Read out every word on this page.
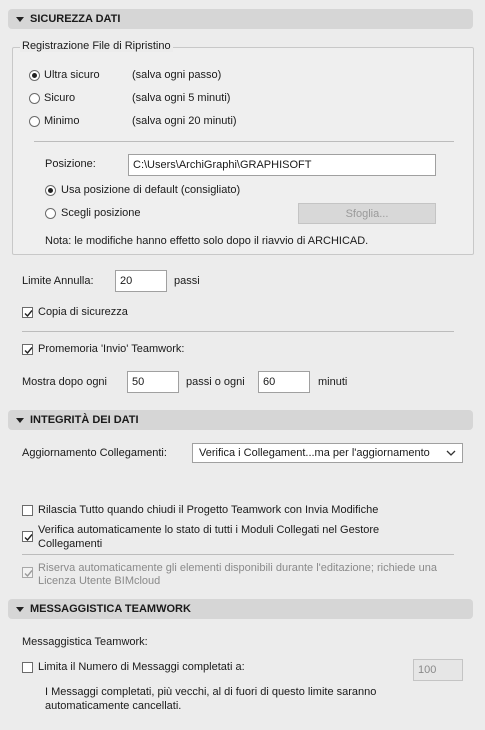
SICUREZZA DATI
Registrazione File di Ripristino
Ultra sicuro	(salva ogni passo)
Sicuro	(salva ogni 5 minuti)
Minimo	(salva ogni 20 minuti)
Posizione:	C:\Users\ArchiGraphi\GRAPHISOFT
Usa posizione di default (consigliato)
Scegli posizione	Sfoglia...
Nota: le modifiche hanno effetto solo dopo il riavvio di ARCHICAD.
Limite Annulla:	20	passi
Copia di sicurezza
Promemoria 'Invio' Teamwork:
Mostra dopo ogni	50	passi o ogni	60	minuti
INTEGRITÀ DEI DATI
Aggiornamento Collegamenti:	Verifica i Collegament...ma per l'aggiornamento
Rilascia Tutto quando chiudi il Progetto Teamwork con Invia Modifiche
Verifica automaticamente lo stato di tutti i Moduli Collegati nel Gestore
Collegamenti
Riserva automaticamente gli elementi disponibili durante l'editazione; richiede una
Licenza Utente BIMcloud
MESSAGGISTICA TEAMWORK
Messaggistica Teamwork:
Limita il Numero di Messaggi completati a:	100
I Messaggi completati, più vecchi, al di fuori di questo limite saranno
automaticamente cancellati.
